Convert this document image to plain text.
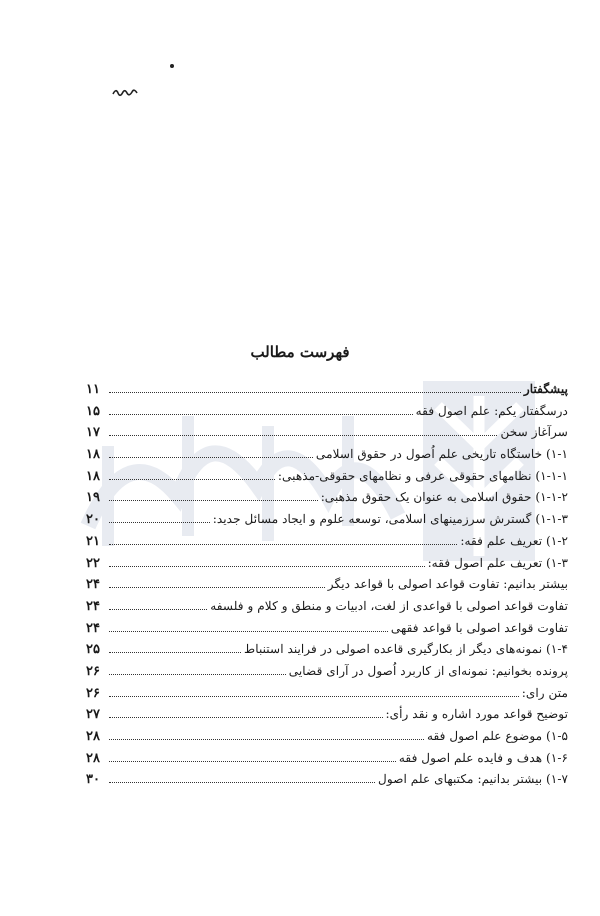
فهرست مطالب
پیشگفتار
۱۱
درسگفتار یکم: علم اصول فقه
۱۵
سرآغاز سخن
۱۷
۱-۱) خاستگاه تاریخی علم اُصول در حقوق اسلامی
۱۸
۱-۱-۱) نظامهای حقوقی عرفی و نظامهای حقوقی-مذهبی:
۱۸
۱-۱-۲) حقوق اسلامی به عنوان یک حقوق مذهبی:
۱۹
۱-۱-۳) گسترش سرزمینهای اسلامی، توسعه علوم و ایجاد مسائل جدید:
۲۰
۱-۲) تعریف علم فقه:
۲۱
۱-۳) تعریف علم اصول فقه:
۲۲
بیشتر بدانیم: تفاوت قواعد اصولی با قواعد دیگر
۲۴
تفاوت قواعد اصولی با قواعدی از لغت، ادبیات و منطق و کلام و فلسفه
۲۴
تفاوت قواعد اصولی با قواعد فقهی
۲۴
۱-۴) نمونه‌های دیگر از بکارگیری قاعده اصولی در فرایند استنباط
۲۵
پرونده بخوانیم: نمونه‌ای از کاربرد اُصول در آرای قضایی
۲۶
متن رای:
۲۶
توضیح قواعد مورد اشاره و نقد رأی:
۲۷
۱-۵) موضوع علم اصول فقه
۲۸
۱-۶) هدف و فایده علم اصول فقه
۲۸
۱-۷) بیشتر بدانیم: مکتبهای علم اصول
۳۰
